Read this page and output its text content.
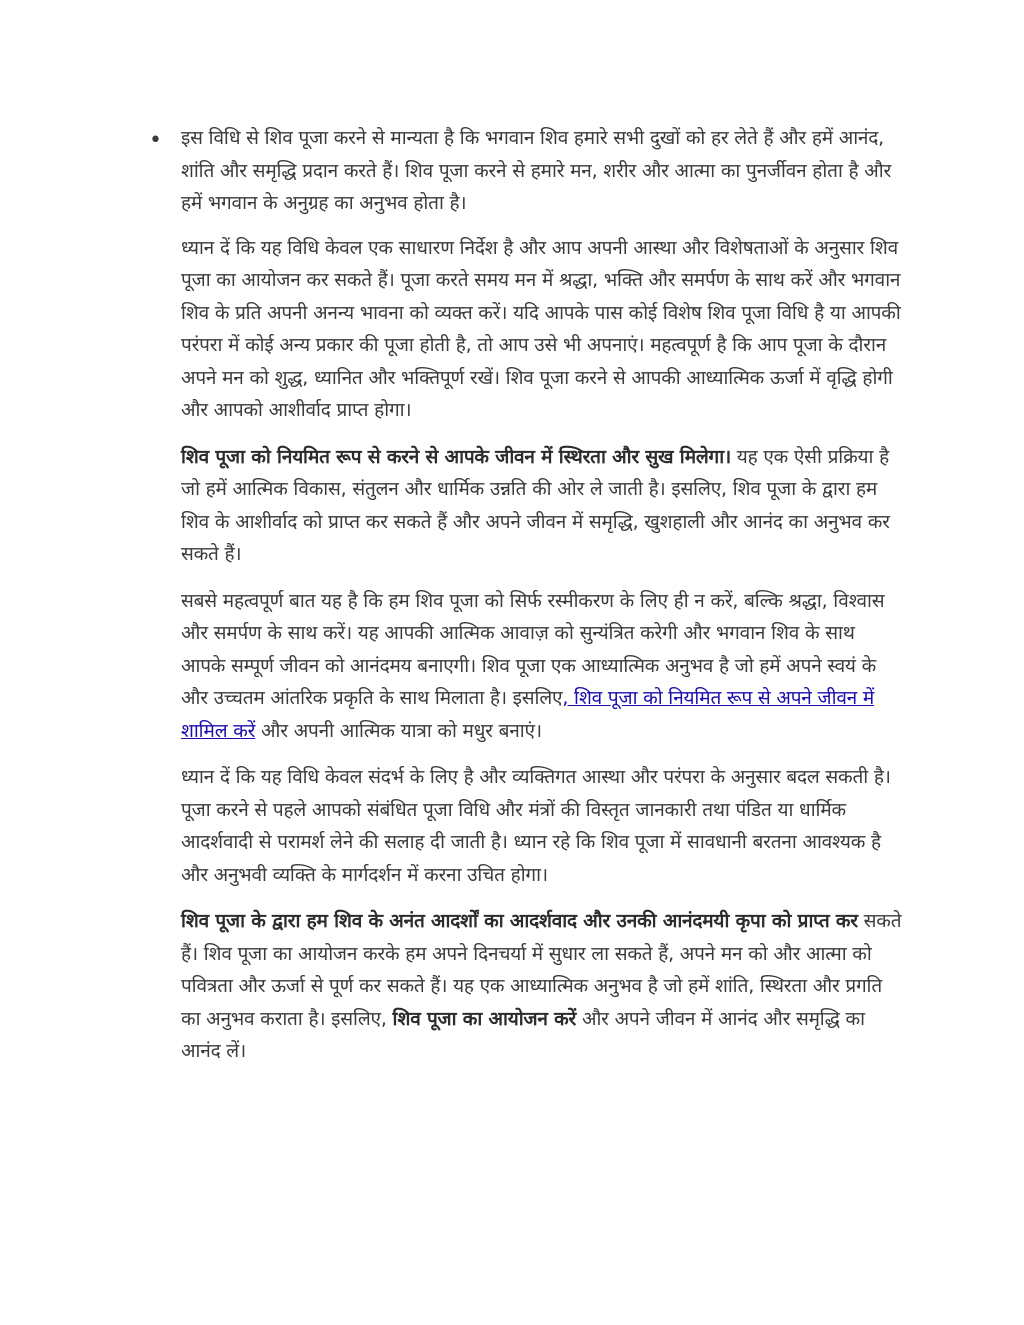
• इस विधि से शिव पूजा करने से मान्यता है कि भगवान शिव हमारे सभी दुखों को हर लेते हैं और हमें आनंद, शांति और समृद्धि प्रदान करते हैं। शिव पूजा करने से हमारे मन, शरीर और आत्मा का पुनर्जीवन होता है और हमें भगवान के अनुग्रह का अनुभव होता है।

ध्यान दें कि यह विधि केवल एक साधारण निर्देश है और आप अपनी आस्था और विशेषताओं के अनुसार शिव पूजा का आयोजन कर सकते हैं। पूजा करते समय मन में श्रद्धा, भक्ति और समर्पण के साथ करें और भगवान शिव के प्रति अपनी अनन्य भावना को व्यक्त करें। यदि आपके पास कोई विशेष शिव पूजा विधि है या आपकी परंपरा में कोई अन्य प्रकार की पूजा होती है, तो आप उसे भी अपनाएं। महत्वपूर्ण है कि आप पूजा के दौरान अपने मन को शुद्ध, ध्यानित और भक्तिपूर्ण रखें। शिव पूजा करने से आपकी आध्यात्मिक ऊर्जा में वृद्धि होगी और आपको आशीर्वाद प्राप्त होगा।

शिव पूजा को नियमित रूप से करने से आपके जीवन में स्थिरता और सुख मिलेगा। यह एक ऐसी प्रक्रिया है जो हमें आत्मिक विकास, संतुलन और धार्मिक उन्नति की ओर ले जाती है। इसलिए, शिव पूजा के द्वारा हम शिव के आशीर्वाद को प्राप्त कर सकते हैं और अपने जीवन में समृद्धि, खुशहाली और आनंद का अनुभव कर सकते हैं।

सबसे महत्वपूर्ण बात यह है कि हम शिव पूजा को सिर्फ रस्मीकरण के लिए ही न करें, बल्कि श्रद्धा, विश्वास और समर्पण के साथ करें। यह आपकी आत्मिक आवाज़ को सुन्यंत्रित करेगी और भगवान शिव के साथ आपके सम्पूर्ण जीवन को आनंदमय बनाएगी। शिव पूजा एक आध्यात्मिक अनुभव है जो हमें अपने स्वयं के और उच्चतम आंतरिक प्रकृति के साथ मिलाता है। इसलिए, शिव पूजा को नियमित रूप से अपने जीवन में शामिल करें और अपनी आत्मिक यात्रा को मधुर बनाएं।

ध्यान दें कि यह विधि केवल संदर्भ के लिए है और व्यक्तिगत आस्था और परंपरा के अनुसार बदल सकती है। पूजा करने से पहले आपको संबंधित पूजा विधि और मंत्रों की विस्तृत जानकारी तथा पंडित या धार्मिक आदर्शवादी से परामर्श लेने की सलाह दी जाती है। ध्यान रहे कि शिव पूजा में सावधानी बरतना आवश्यक है और अनुभवी व्यक्ति के मार्गदर्शन में करना उचित होगा।

शिव पूजा के द्वारा हम शिव के अनंत आदर्शों का आदर्शवाद और उनकी आनंदमयी कृपा को प्राप्त कर सकते हैं। शिव पूजा का आयोजन करके हम अपने दिनचर्या में सुधार ला सकते हैं, अपने मन को और आत्मा को पवित्रता और ऊर्जा से पूर्ण कर सकते हैं। यह एक आध्यात्मिक अनुभव है जो हमें शांति, स्थिरता और प्रगति का अनुभव कराता है। इसलिए, शिव पूजा का आयोजन करें और अपने जीवन में आनंद और समृद्धि का आनंद लें।
